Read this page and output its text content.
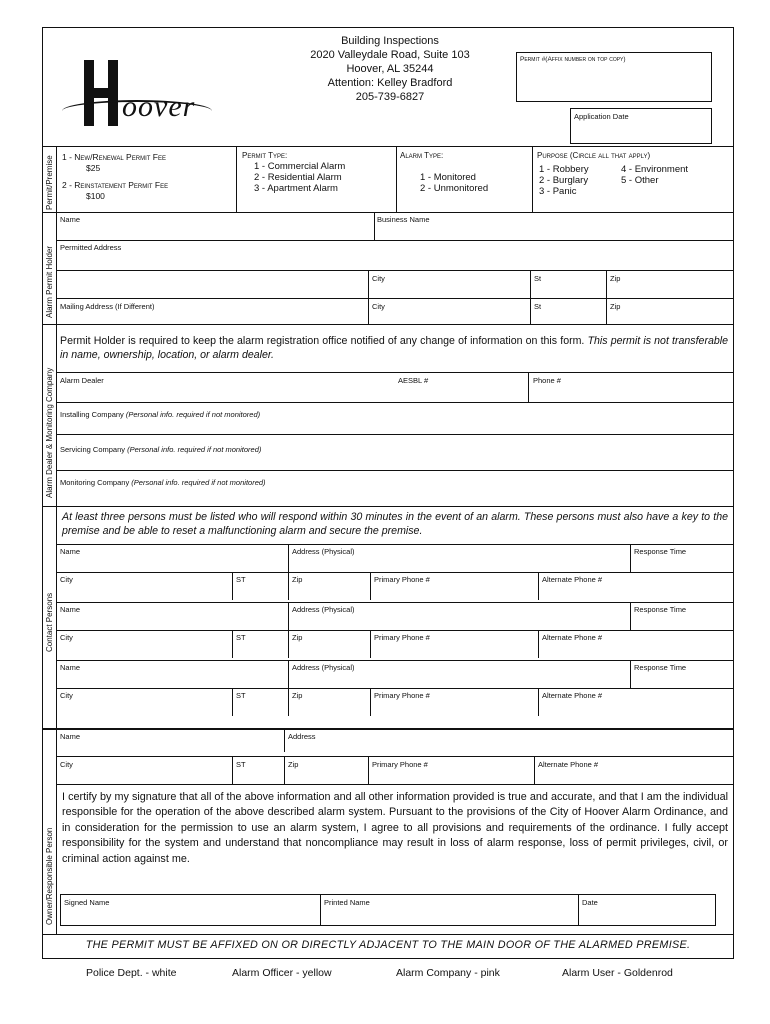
oover
Building Inspections
2020 Valleydale Road, Suite 103
Hoover, AL 35244
Attention: Kelley Bradford
205-739-6827
Permit #(Affix number on top copy)
Application Date
Permit/Premise 1 - New/Renewal Permit Fee
$25
2 - Reinstatement Permit Fee
$100
Permit Type:
1 - Commercial Alarm
2 - Residential Alarm
3 - Apartment Alarm
Alarm Type:
1 - Monitored
2 - Unmonitored
Purpose (Circle all that apply)
1 - Robbery
2 - Burglary
3 - Panic
4 - Environment
5 - Other
Alarm Permit Holder
Name	Business Name
Permitted Address
City	St	Zip
Mailing Address (If Different)	City	St	Zip
Alarm Dealer & Monitoring Company
Permit Holder is required to keep the alarm registration office notified of any change of information on this form. This permit is not transferable in name, ownership, location, or alarm dealer.
Alarm Dealer	AESBL #	Phone #
Installing Company (Personal info. required if not monitored)
Servicing Company (Personal info. required if not monitored)
Monitoring Company (Personal info. required if not monitored)
Contact Persons
At least three persons must be listed who will respond within 30 minutes in the event of an alarm. These persons must also have a key to the premise and be able to reset a malfunctioning alarm and secure the premise.
Name	Address (Physical)	Response Time
City	ST	Zip	Primary Phone #	Alternate Phone #
Name	Address (Physical)	Response Time
City	ST	Zip	Primary Phone #	Alternate Phone #
Name	Address (Physical)	Response Time
City	ST	Zip	Primary Phone #	Alternate Phone #
Owner/Responsible Person
Name	Address
City	ST	Zip	Primary Phone #	Alternate Phone #
I certify by my signature that all of the above information and all other information provided is true and accurate, and that I am the individual responsible for the operation of the above described alarm system. Pursuant to the provisions of the City of Hoover Alarm Ordinance, and in consideration for the permission to use an alarm system, I agree to all provisions and requirements of the ordinance. I fully accept responsibility for the system and understand that noncompliance may result in loss of alarm response, loss of permit privileges, civil, or criminal action against me.
Signed Name	Printed Name	Date
THE PERMIT MUST BE AFFIXED ON OR DIRECTLY ADJACENT TO THE MAIN DOOR OF THE ALARMED PREMISE.
Police Dept. - white	Alarm Officer - yellow	Alarm Company - pink	Alarm User - Goldenrod
